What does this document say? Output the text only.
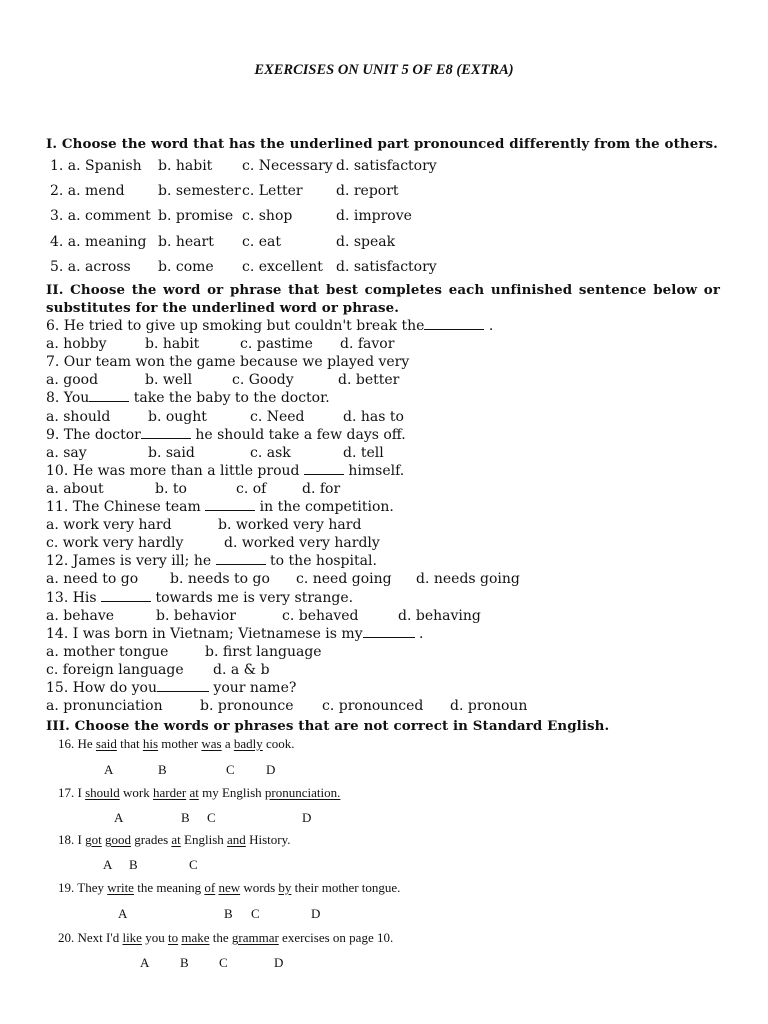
EXERCISES ON UNIT 5 OF E8 (EXTRA)
I. Choose the word that has the underlined part pronounced differently from the others.
1. a. Spanish b. habit c. Necessary d. satisfactory
2. a. mend b. semester c. Letter d. report
3. a. comment b. promise c. shop	d. improve
4. a. meaning b. heart c. eat	d. speak
5. a. across b. come c. excellent d. satisfactory
II. Choose the word or phrase that best completes each unfinished sentence below or
substitutes for the underlined word or phrase.
6. He tried to give up smoking but couldn't break the	.
a. hobby	b. habit	c. pastime d. favor
7. Our team won the game because we played very
a. good	b. well	c. Goody	d. better
8. You	take the baby to the doctor.
a. should	b. ought	c. Need	d. has to
9. The doctor	he should take a few days off.
a. say	b. said	c. ask	d. tell
10. He was more than a little proud	himself.
a. about	b. to	c. of	d. for
11. The Chinese team	in the competition.
a. work very hard	b. worked very hard
c. work very hardly	d. worked very hardly
12. James is very ill; he	to the hospital.
a. need to go b. needs to go c. need going d. needs going
13. His	towards me is very strange.
a. behave	b. behavior	c. behaved	d. behaving
14. I was born in Vietnam; Vietnamese is my	.
a. mother tongue	b. first language
c. foreign language d. a & b
15. How do you	your name?
a. pronunciation	b. pronounce c. pronounced d. pronoun
III. Choose the words or phrases that are not correct in Standard English.
16. He said that his mother was a badly cook.
A	B	C D
17. I should work harder at my English pronunciation.
A	B C	D
18. I got good grades at English and History.
A B	C
19. They write the meaning of new words by their mother tongue.
A	B C	D
20. Next I'd like you to make the grammar exercises on page 10.
A B C	D
